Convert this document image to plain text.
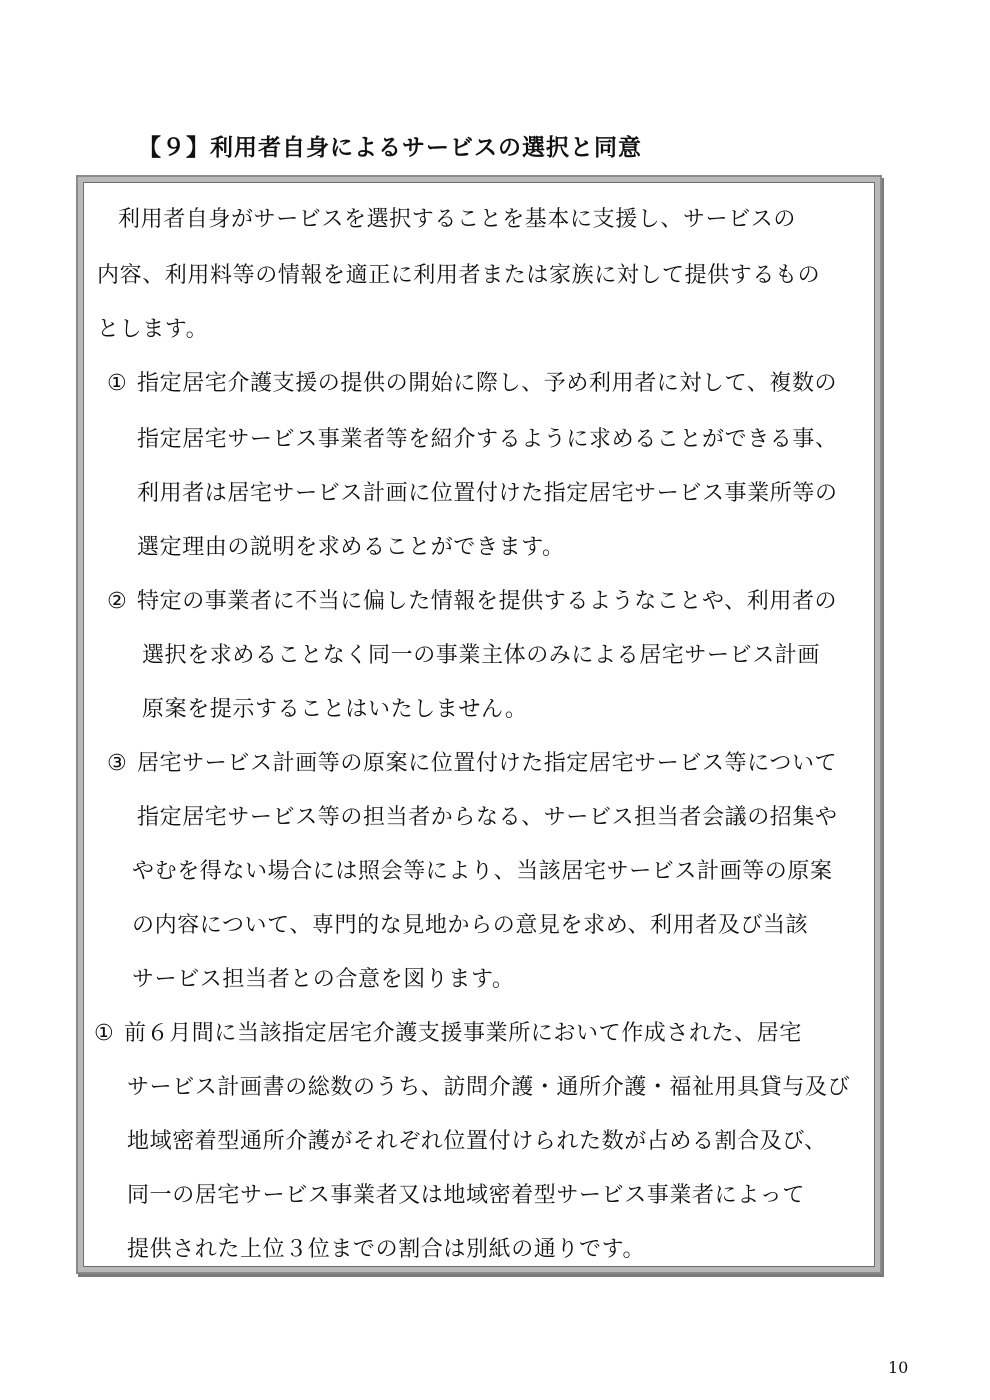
【９】利用者自身によるサービスの選択と同意

利用者自身がサービスを選択することを基本に支援し、サービスの

内容、利用料等の情報を適正に利用者または家族に対して提供するもの

とします。

① 指定居宅介護支援の提供の開始に際し、予め利用者に対して、複数の

指定居宅サービス事業者等を紹介するように求めることができる事、

利用者は居宅サービス計画に位置付けた指定居宅サービス事業所等の

選定理由の説明を求めることができます。

② 特定の事業者に不当に偏した情報を提供するようなことや、利用者の

選択を求めることなく同一の事業主体のみによる居宅サービス計画

原案を提示することはいたしません。

③ 居宅サービス計画等の原案に位置付けた指定居宅サービス等について

指定居宅サービス等の担当者からなる、サービス担当者会議の招集や

やむを得ない場合には照会等により、当該居宅サービス計画等の原案

の内容について、専門的な見地からの意見を求め、利用者及び当該

サービス担当者との合意を図ります。

① 前６月間に当該指定居宅介護支援事業所において作成された、居宅

サービス計画書の総数のうち、訪問介護・通所介護・福祉用具貸与及び

地域密着型通所介護がそれぞれ位置付けられた数が占める割合及び、

同一の居宅サービス事業者又は地域密着型サービス事業者によって

提供された上位３位までの割合は別紙の通りです。

10
